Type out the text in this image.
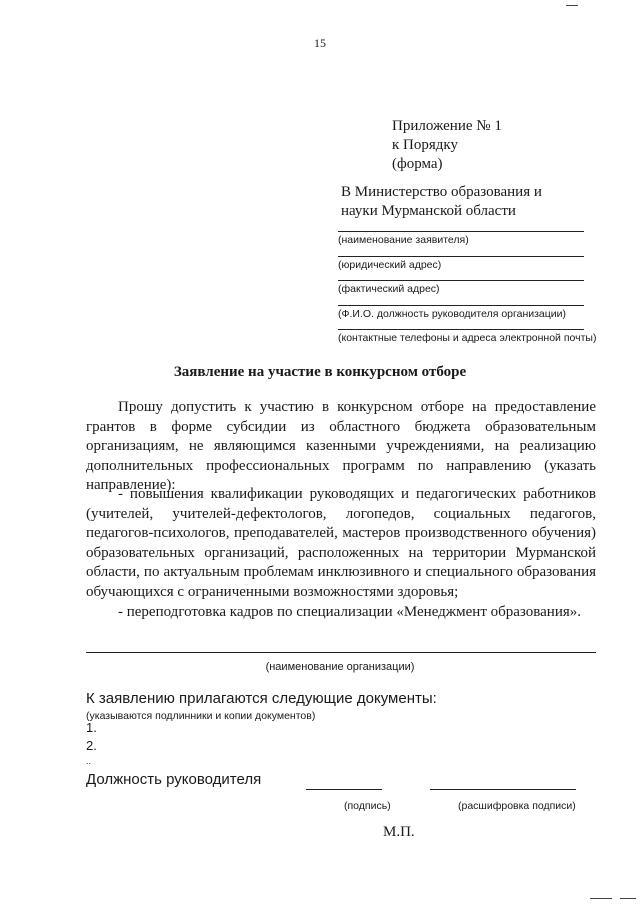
15
Приложение № 1
к Порядку
(форма)
В Министерство образования и
науки Мурманской области
(наименование заявителя)
(юридический адрес)
(фактический адрес)
(Ф.И.О. должность руководителя организации)
(контактные телефоны и адреса электронной почты)
Заявление на участие в конкурсном отборе
Прошу допустить к участию в конкурсном отборе на предоставление грантов в форме субсидии из областного бюджета образовательным организациям, не являющимся казенными учреждениями, на реализацию дополнительных профессиональных программ по направлению (указать направление):
- повышения квалификации руководящих и педагогических работников (учителей, учителей-дефектологов, логопедов, социальных педагогов, педагогов-психологов, преподавателей, мастеров производственного обучения) образовательных организаций, расположенных на территории Мурманской области, по актуальным проблемам инклюзивного и специального образования обучающихся с ограниченными возможностями здоровья;
- переподготовка кадров по специализации «Менеджмент образования».
(наименование организации)
К заявлению прилагаются следующие документы:
(указываются подлинники и копии документов)
1.
2.
..
Должность руководителя
(подпись)	(расшифровка подписи)
М.П.
